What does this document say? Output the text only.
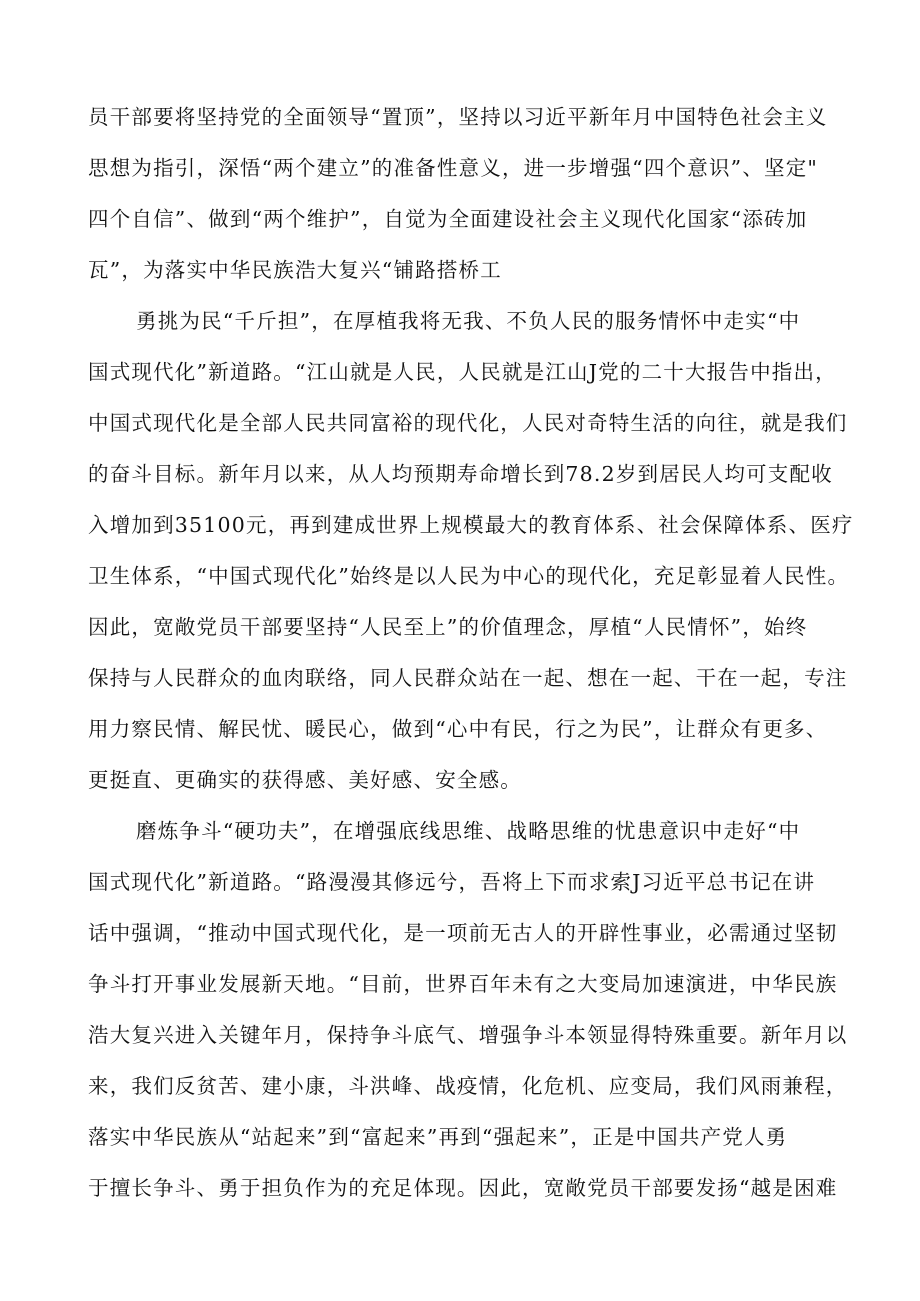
员干部要将坚持党的全面领导“置顶”，坚持以习近平新年月中国特色社会主义

思想为指引，深悟“两个建立”的准备性意义，进一步增强“四个意识”、坚定"

四个自信”、做到“两个维护”，自觉为全面建设社会主义现代化国家“添砖加

瓦”，为落实中华民族浩大复兴“铺路搭桥工

勇挑为民“千斤担”，在厚植我将无我、不负人民的服务情怀中走实“中

国式现代化”新道路。“江山就是人民，人民就是江山J党的二十大报告中指出，

中国式现代化是全部人民共同富裕的现代化，人民对奇特生活的向往，就是我们

的奋斗目标。新年月以来，从人均预期寿命增长到78.2岁到居民人均可支配收

入增加到35100元，再到建成世界上规模最大的教育体系、社会保障体系、医疗

卫生体系，“中国式现代化”始终是以人民为中心的现代化，充足彰显着人民性。

因此，宽敞党员干部要坚持“人民至上”的价值理念，厚植“人民情怀”，始终

保持与人民群众的血肉联络，同人民群众站在一起、想在一起、干在一起，专注

用力察民情、解民忧、暖民心，做到“心中有民，行之为民”，让群众有更多、

更挺直、更确实的获得感、美好感、安全感。

磨炼争斗“硬功夫”，在增强底线思维、战略思维的忧患意识中走好“中

国式现代化”新道路。“路漫漫其修远兮，吾将上下而求索J习近平总书记在讲

话中强调，“推动中国式现代化，是一项前无古人的开辟性事业，必需通过坚韧

争斗打开事业发展新天地。“目前，世界百年未有之大变局加速演进，中华民族

浩大复兴进入关键年月，保持争斗底气、增强争斗本领显得特殊重要。新年月以

来，我们反贫苦、建小康，斗洪峰、战疫情，化危机、应变局，我们风雨兼程，

落实中华民族从“站起来”到“富起来”再到“强起来”，正是中国共产党人勇

于擅长争斗、勇于担负作为的充足体现。因此，宽敞党员干部要发扬“越是困难
